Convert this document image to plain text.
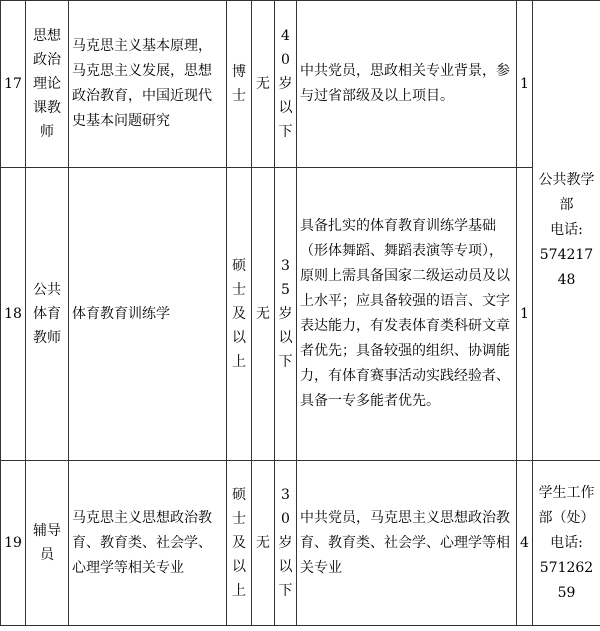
17	思想政治理论课教师	马克思主义基本原理，马克思主义发展，思想政治教育，中国近现代史基本问题研究	博士	无	40岁以下	中共党员，思政相关专业背景，参与过省部级及以上项目。	1	公共教学部
电话:
57421748

18	公共体育教师	体育教育训练学	硕士及以上	无	35岁以下	具备扎实的体育教育训练学基础（形体舞蹈、舞蹈表演等专项），原则上需具备国家二级运动员及以上水平；应具备较强的语言、文字表达能力，有发表体育类科研文章者优先；具备较强的组织、协调能力，有体育赛事活动实践经验者、具备一专多能者优先。	1	
19	辅导员	马克思主义思想政治教育、教育类、社会学、心理学等相关专业	硕士及以上	无	30岁以下	中共党员，马克思主义思想政治教育、教育类、社会学、心理学等相关专业	4	学生工作部（处）
电话:
57126259
